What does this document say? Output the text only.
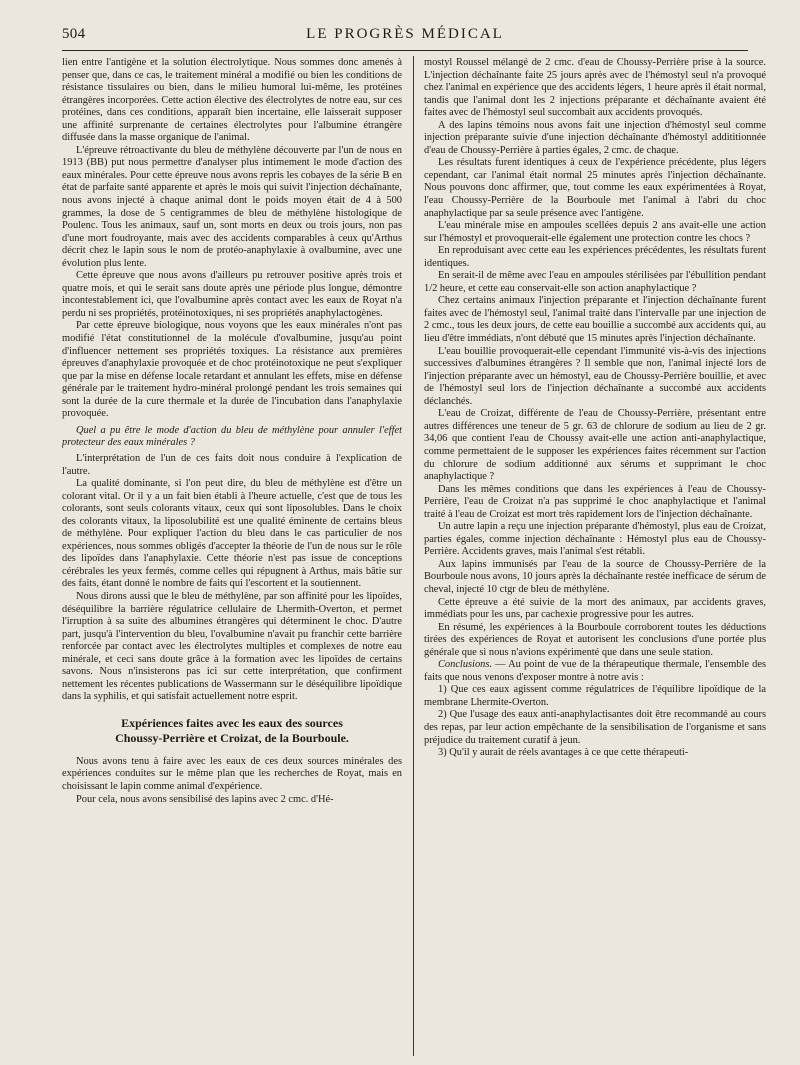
504	LE PROGRÈS MÉDICAL

lien entre l'antigène et la solution électrolytique. Nous sommes donc amenés à penser que, dans ce cas, le traitement minéral a modifié ou bien les conditions de résistance tissulaires ou bien, dans le milieu humoral lui-même, les protéines étrangères incorporées. Cette action élective des électrolytes de notre eau, sur ces protéines, dans ces conditions, apparaît bien incertaine, elle laisserait supposer une affinité surprenante de certaines électrolytes pour l'albumine étrangère diffusée dans la masse organique de l'animal.

L'épreuve rétroactivante du bleu de méthylène découverte par l'un de nous en 1913 (BB) put nous permettre d'analyser plus intimement le mode d'action des eaux minérales. Pour cette épreuve nous avons repris les cobayes de la série B en état de parfaite santé apparente et après le mois qui suivit l'injection déchaînante, nous avons injecté à chaque animal dont le poids moyen était de 4 à 500 grammes, la dose de 5 centigrammes de bleu de méthylène histologique de Poulenc. Tous les animaux, sauf un, sont morts en deux ou trois jours, non pas d'une mort foudroyante, mais avec des accidents comparables à ceux qu'Arthus décrit chez le lapin sous le nom de protéo-anaphylaxie à ovalbumine, avec une évolution plus lente.

Cette épreuve que nous avons d'ailleurs pu retrouver positive après trois et quatre mois, et qui le serait sans doute après une période plus longue, démontre incontestablement ici, que l'ovalbumine après contact avec les eaux de Royat n'a perdu ni ses propriétés, protéinotoxiques, ni ses propriétés anaphylactogènes.

Par cette épreuve biologique, nous voyons que les eaux minérales n'ont pas modifié l'état constitutionnel de la molécule d'ovalbumine, jusqu'au point d'influencer nettement ses propriétés toxiques. La résistance aux premières épreuves d'anaphylaxie provoquée et de choc protéinotoxique ne peut s'expliquer que par la mise en défense locale retardant et annulant les effets, mise en défense générale par le traitement hydro-minéral prolongé pendant les trois semaines qui sont la durée de la cure thermale et la durée de l'incubation dans l'anaphylaxie provoquée.

Quel a pu être le mode d'action du bleu de méthylène pour annuler l'effet protecteur des eaux minérales ?

L'interprétation de l'un de ces faits doit nous conduire à l'explication de l'autre.

La qualité dominante, si l'on peut dire, du bleu de méthylène est d'être un colorant vital. Or il y a un fait bien établi à l'heure actuelle, c'est que de tous les colorants, sont seuls colorants vitaux, ceux qui sont liposolubles. Dans le choix des colorants vitaux, la liposolubilité est une qualité éminente de certains bleus de méthylène. Pour expliquer l'action du bleu dans le cas particulier de nos expériences, nous sommes obligés d'accepter la théorie de l'un de nous sur le rôle des lipoïdes dans l'anaphylaxie. Cette théorie n'est pas issue de conceptions cérébrales les yeux fermés, comme celles qui répugnent à Arthus, mais bâtie sur des faits, étant donné le nombre de faits qui l'escortent et la soutiennent.

Nous dirons aussi que le bleu de méthylène, par son affinité pour les lipoïdes, déséquilibre la barrière régulatrice cellulaire de Lhermith-Overton, et permet l'irruption à sa suite des albumines étrangères qui déterminent le choc. D'autre part, jusqu'à l'intervention du bleu, l'ovalbumine n'avait pu franchir cette barrière renforcée par contact avec les électrolytes multiples et complexes de notre eau minérale, et ceci sans doute grâce à la formation avec les lipoïdes de certains savons. Nous n'insisterons pas ici sur cette interprétation, que confirment nettement les récentes publications de Wassermann sur le déséquilibre lipoïdique dans la syphilis, et qui satisfait actuellement notre esprit.

Expériences faites avec les eaux des sources
Choussy-Perrière et Croizat, de la Bourboule.

Nous avons tenu à faire avec les eaux de ces deux sources minérales des expériences conduites sur le même plan que les recherches de Royat, mais en choisissant le lapin comme animal d'expérience.

Pour cela, nous avons sensibilisé des lapins avec 2 cmc. d'Hé-

mostyl Roussel mélangé de 2 cmc. d'eau de Choussy-Perrière prise à la source. L'injection déchaînante faite 25 jours après avec de l'hémostyl seul n'a provoqué chez l'animal en expérience que des accidents légers, 1 heure après il était normal, tandis que l'animal dont les 2 injections préparante et déchaînante avaient été faites avec de l'hémostyl seul succombait aux accidents provoqués.

A des lapins témoins nous avons fait une injection d'hémostyl seul comme injection préparante suivie d'une injection déchaînante d'hémostyl addititionnée d'eau de Choussy-Perrière à parties égales, 2 cmc. de chaque.

Les résultats furent identiques à ceux de l'expérience précédente, plus légers cependant, car l'animal était normal 25 minutes après l'injection déchaînante. Nous pouvons donc affirmer, que, tout comme les eaux expérimentées à Royat, l'eau Choussy-Perrière de la Bourboule met l'animal à l'abri du choc anaphylactique par sa seule présence avec l'antigène.

L'eau minérale mise en ampoules scellées depuis 2 ans avait-elle une action sur l'hémostyl et provoquerait-elle également une protection contre les chocs ?

En reproduisant avec cette eau les expériences précédentes, les résultats furent identiques.

En serait-il de même avec l'eau en ampoules stérilisées par l'ébullition pendant 1/2 heure, et cette eau conservait-elle son action anaphylactique ?

Chez certains animaux l'injection préparante et l'injection déchaînante furent faites avec de l'hémostyl seul, l'animal traité dans l'intervalle par une injection de 2 cmc., tous les deux jours, de cette eau bouillie a succombé aux accidents qui, au lieu d'être immédiats, n'ont débuté que 15 minutes après l'injection déchaînante.

L'eau bouillie provoquerait-elle cependant l'immunité vis-à-vis des injections successives d'albumines étrangères ? Il semble que non, l'animal injecté lors de l'injection préparante avec un hémostyl, eau de Choussy-Perrière bouillie, et avec de l'hémostyl seul lors de l'injection déchaînante a succombé aux accidents déclanchés.

L'eau de Croizat, différente de l'eau de Choussy-Perrière, présentant entre autres différences une teneur de 5 gr. 63 de chlorure de sodium au lieu de 2 gr. 34,06 que contient l'eau de Choussy avait-elle une action anti-anaphylactique, comme permettaient de le supposer les expériences faites récemment sur l'action du chlorure de sodium additionné aux sérums et supprimant le choc anaphylactique ?

Dans les mêmes conditions que dans les expériences à l'eau de Choussy-Perrière, l'eau de Croizat n'a pas supprimé le choc anaphylactique et l'animal traité à l'eau de Croizat est mort très rapidement lors de l'injection déchaînante.

Un autre lapin a reçu une injection préparante d'hémostyl, plus eau de Croizat, parties égales, comme injection déchaînante : Hémostyl plus eau de Choussy-Perrière. Accidents graves, mais l'animal s'est rétabli.

Aux lapins immunisés par l'eau de la source de Choussy-Perrière de la Bourboule nous avons, 10 jours après la déchaînante restée inefficace de sérum de cheval, injecté 10 ctgr de bleu de méthylène.

Cette épreuve a été suivie de la mort des animaux, par accidents graves, immédiats pour les uns, par cachexie progressive pour les autres.

En résumé, les expériences à la Bourboule corroborent toutes les déductions tirées des expériences de Royat et autorisent les conclusions d'une portée plus générale que si nous n'avions expérimenté que dans une seule station.

Conclusions. — Au point de vue de la thérapeutique thermale, l'ensemble des faits que nous venons d'exposer montre à notre avis :

1) Que ces eaux agissent comme régulatrices de l'équilibre lipoïdique de la membrane Lhermite-Overton.

2) Que l'usage des eaux anti-anaphylactisantes doit être recommandé au cours des repas, par leur action empêchante de la sensibilisation de l'organisme et sans préjudice du traitement curatif à jeun.

3) Qu'il y aurait de réels avantages à ce que cette thérapeuti-
